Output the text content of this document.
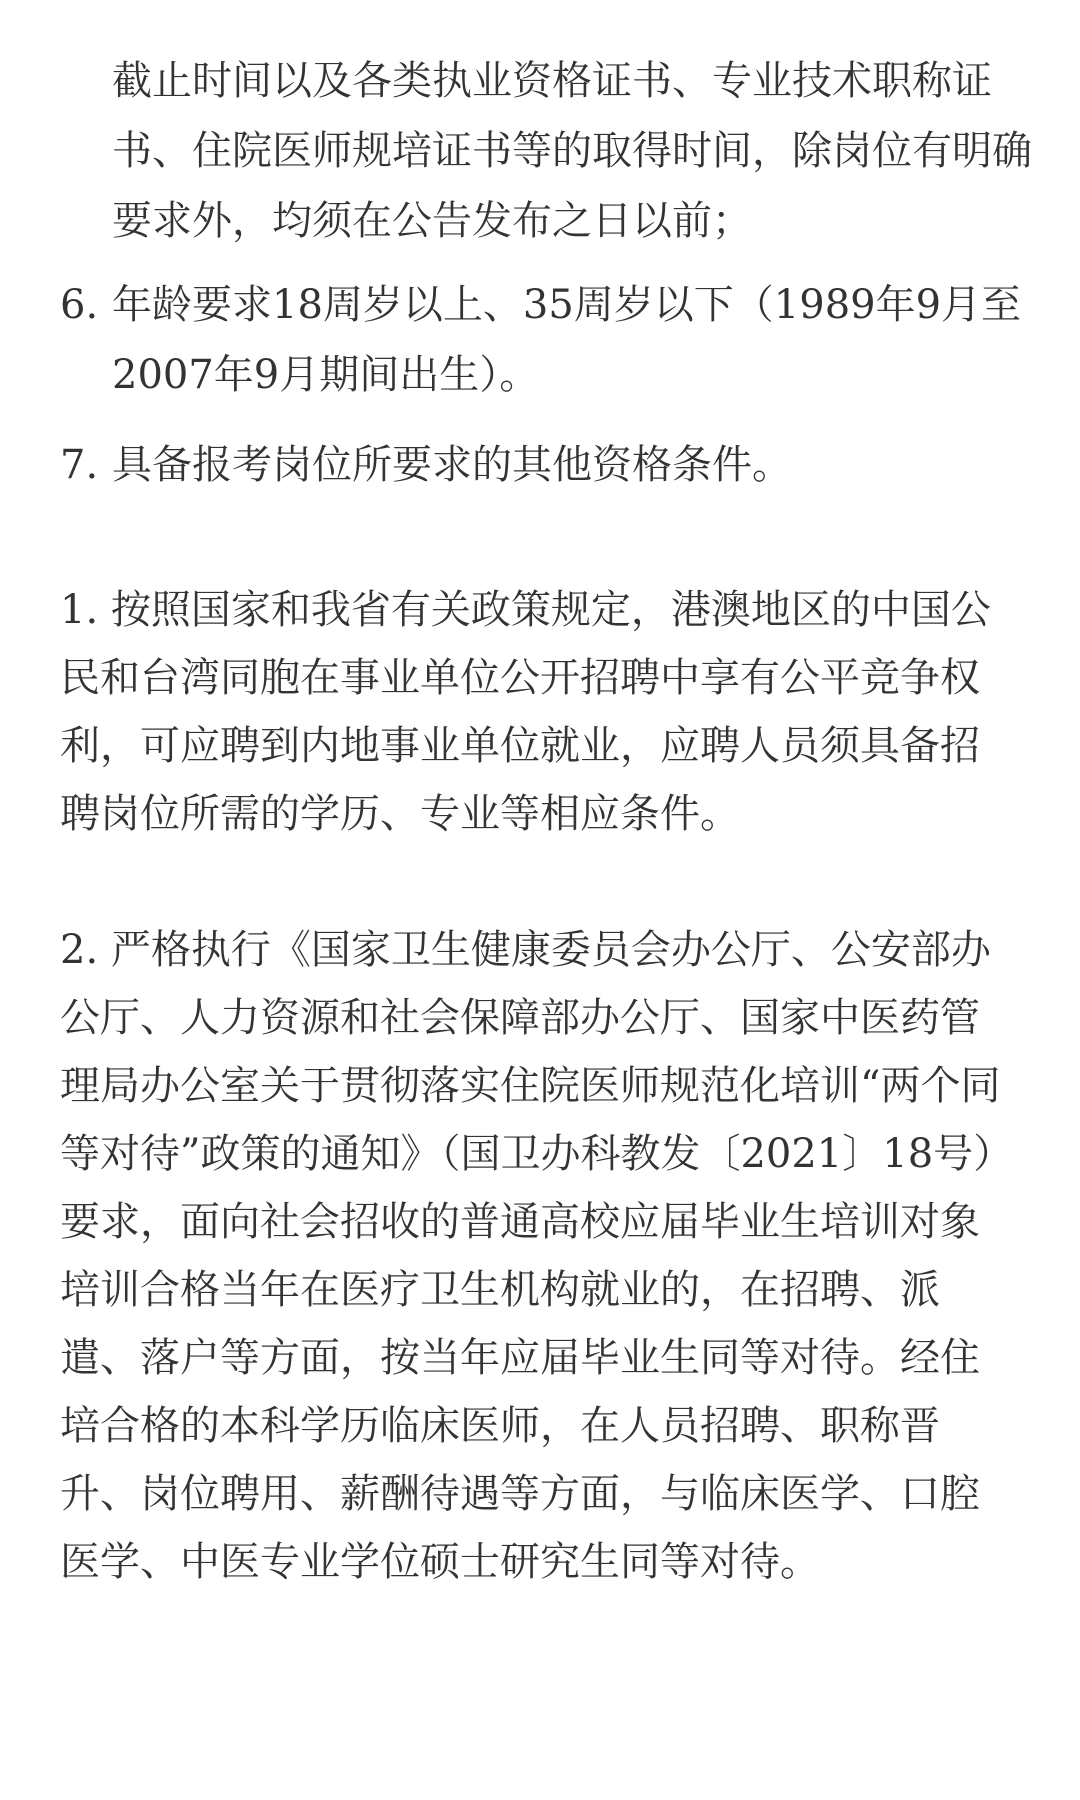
截止时间以及各类执业资格证书、专业技术职称证书、住院医师规培证书等的取得时间，除岗位有明确要求外，均须在公告发布之日以前；
6. 年龄要求18周岁以上、35周岁以下（1989年9月至2007年9月期间出生）。
7. 具备报考岗位所要求的其他资格条件。

1. 按照国家和我省有关政策规定，港澳地区的中国公民和台湾同胞在事业单位公开招聘中享有公平竞争权利，可应聘到内地事业单位就业，应聘人员须具备招聘岗位所需的学历、专业等相应条件。

2. 严格执行《国家卫生健康委员会办公厅、公安部办公厅、人力资源和社会保障部办公厅、国家中医药管理局办公室关于贯彻落实住院医师规范化培训“两个同等对待”政策的通知》（国卫办科教发〔2021〕18号）要求，面向社会招收的普通高校应届毕业生培训对象培训合格当年在医疗卫生机构就业的，在招聘、派遣、落户等方面，按当年应届毕业生同等对待。经住培合格的本科学历临床医师，在人员招聘、职称晋升、岗位聘用、薪酬待遇等方面，与临床医学、口腔医学、中医专业学位硕士研究生同等对待。
